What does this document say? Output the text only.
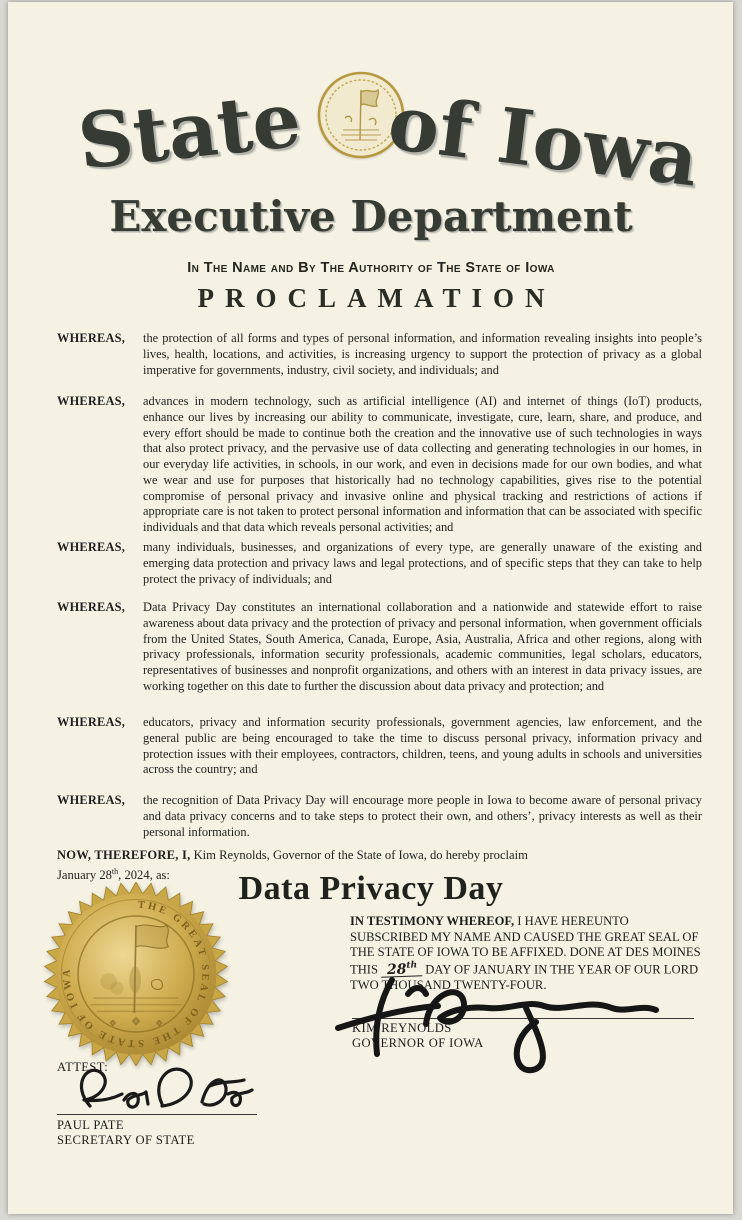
State of Iowa
Executive Department
In The Name and By The Authority of The State of Iowa
PROCLAMATION
WHEREAS,	the protection of all forms and types of personal information, and information revealing insights into people’s lives, health, locations, and activities, is increasing urgency to support the protection of privacy as a global imperative for governments, industry, civil society, and individuals; and
WHEREAS,	advances in modern technology, such as artificial intelligence (AI) and internet of things (IoT) products, enhance our lives by increasing our ability to communicate, investigate, cure, learn, share, and produce, and every effort should be made to continue both the creation and the innovative use of such technologies in ways that also protect privacy, and the pervasive use of data collecting and generating technologies in our homes, in our everyday life activities, in schools, in our work, and even in decisions made for our own bodies, and what we wear and use for purposes that historically had no technology capabilities, gives rise to the potential compromise of personal privacy and invasive online and physical tracking and restrictions of actions if appropriate care is not taken to protect personal information and information that can be associated with specific individuals and that data which reveals personal activities; and
WHEREAS,	many individuals, businesses, and organizations of every type, are generally unaware of the existing and emerging data protection and privacy laws and legal protections, and of specific steps that they can take to help protect the privacy of individuals; and
WHEREAS,	Data Privacy Day constitutes an international collaboration and a nationwide and statewide effort to raise awareness about data privacy and the protection of privacy and personal information, when government officials from the United States, South America, Canada, Europe, Asia, Australia, Africa and other regions, along with privacy professionals, information security professionals, academic communities, legal scholars, educators, representatives of businesses and nonprofit organizations, and others with an interest in data privacy issues, are working together on this date to further the discussion about data privacy and protection; and
WHEREAS,	educators, privacy and information security professionals, government agencies, law enforcement, and the general public are being encouraged to take the time to discuss personal privacy, information privacy and protection issues with their employees, contractors, children, teens, and young adults in schools and universities across the country; and
WHEREAS,	the recognition of Data Privacy Day will encourage more people in Iowa to become aware of personal privacy and data privacy concerns and to take steps to protect their own, and others’, privacy interests as well as their personal information.
NOW, THEREFORE, I, Kim Reynolds, Governor of the State of Iowa, do hereby proclaim
January 28th, 2024, as:	Data Privacy Day
THE GREAT SEAL OF THE STATE OF IOWA
IN TESTIMONY WHEREOF, I HAVE HEREUNTO SUBSCRIBED MY NAME AND CAUSED THE GREAT SEAL OF THE STATE OF IOWA TO BE AFFIXED. DONE AT DES MOINES THIS 28th DAY OF JANUARY IN THE YEAR OF OUR LORD TWO THOUSAND TWENTY-FOUR.
KIM REYNOLDS
GOVERNOR OF IOWA
ATTEST:
PAUL PATE
SECRETARY OF STATE
